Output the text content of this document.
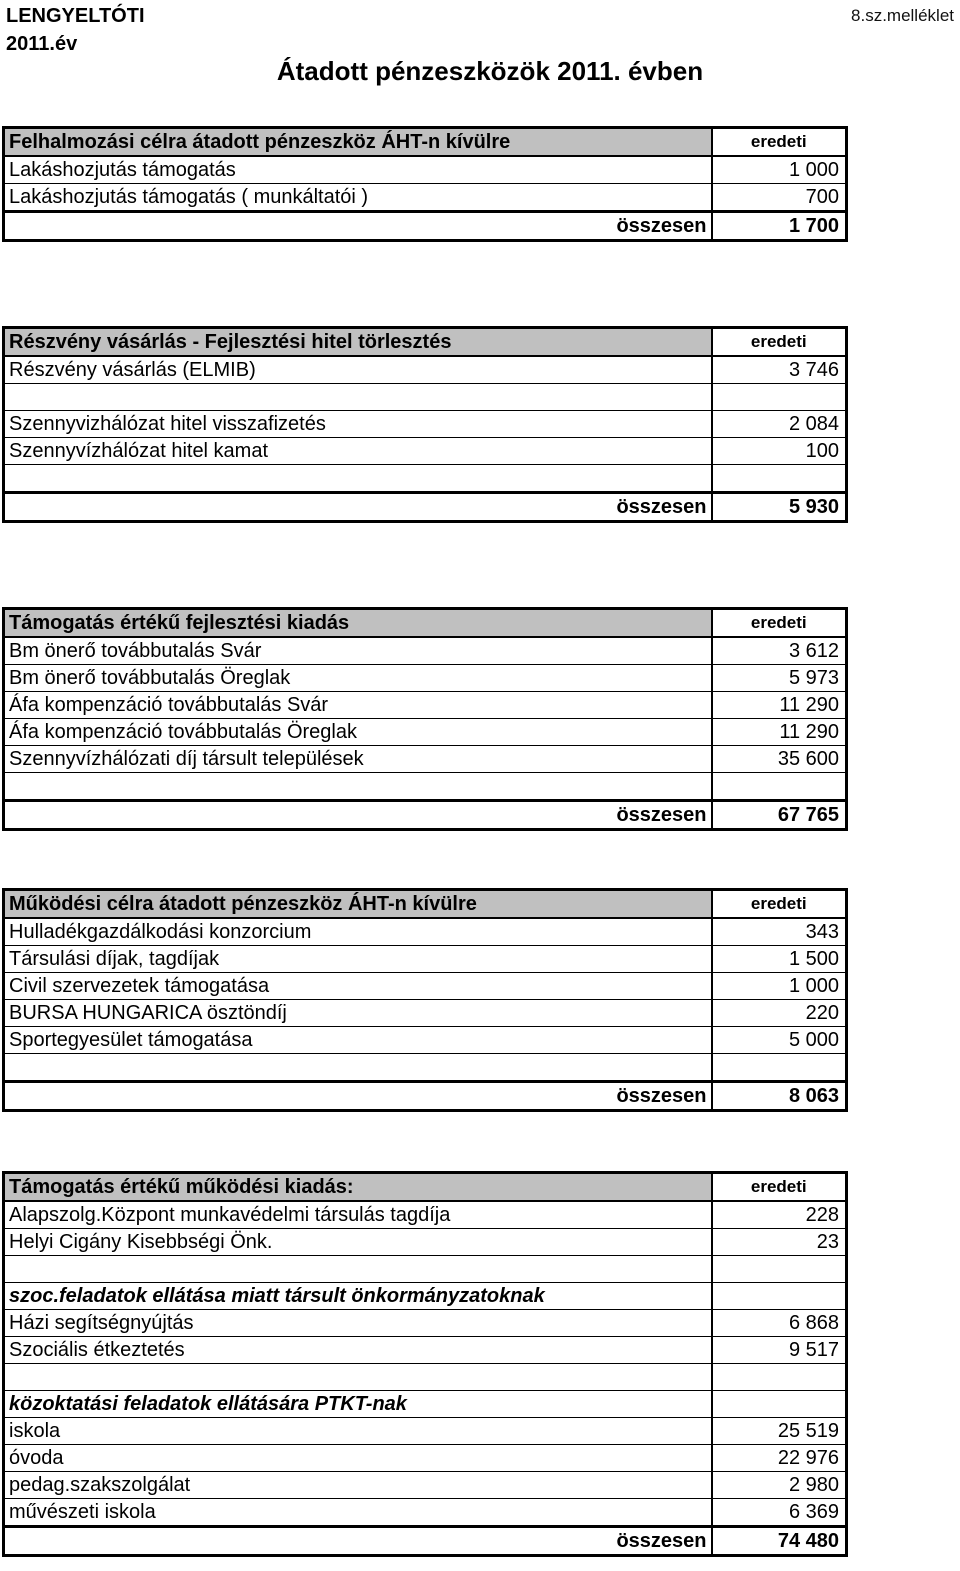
LENGYELTÓTI
2011.év
8.sz.melléklet
Átadott pénzeszközök 2011. évben
Felhalmozási célra átadott pénzeszköz ÁHT-n kívülre	eredeti
Lakáshozjutás támogatás	1 000
Lakáshozjutás támogatás ( munkáltatói )	700
összesen	1 700
Részvény vásárlás - Fejlesztési hitel törlesztés	eredeti
Részvény vásárlás (ELMIB)	3 746

Szennyvizhálózat hitel visszafizetés	2 084
Szennyvízhálózat hitel kamat	100

összesen	5 930
Támogatás értékű fejlesztési kiadás	eredeti
Bm önerő továbbutalás Svár	3 612
Bm önerő továbbutalás Öreglak	5 973
Áfa kompenzáció továbbutalás Svár	11 290
Áfa kompenzáció továbbutalás Öreglak	11 290
Szennyvízhálózati díj társult települések	35 600

összesen	67 765
Működési célra átadott pénzeszköz ÁHT-n kívülre	eredeti
Hulladékgazdálkodási konzorcium	343
Társulási díjak, tagdíjak	1 500
Civil szervezetek támogatása	1 000
BURSA HUNGARICA ösztöndíj	220
Sportegyesület támogatása	5 000

összesen	8 063
Támogatás értékű működési kiadás:	eredeti
Alapszolg.Központ munkavédelmi társulás tagdíja	228
Helyi Cigány Kisebbségi Önk.	23

szoc.feladatok ellátása miatt társult önkormányzatoknak	
Házi segítségnyújtás	6 868
Szociális étkeztetés	9 517

közoktatási feladatok ellátására PTKT-nak	
iskola	25 519
óvoda	22 976
pedag.szakszolgálat	2 980
művészeti iskola	6 369
összesen	74 480
